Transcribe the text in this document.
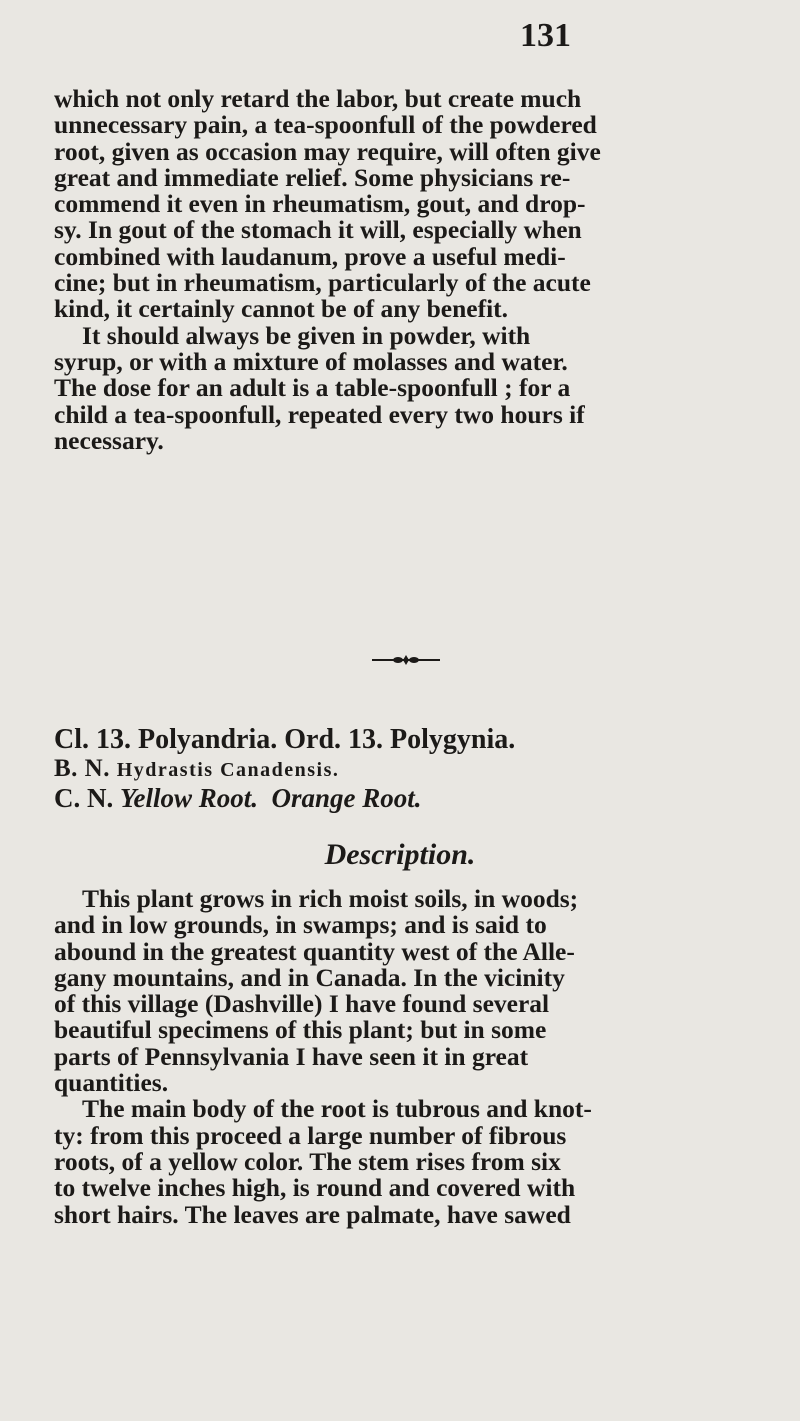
131
which not only retard the labor, but create much
unnecessary pain, a tea-spoonfull of the powdered
root, given as occasion may require, will often give
great and immediate relief. Some physicians re-
commend it even in rheumatism, gout, and drop-
sy. In gout of the stomach it will, especially when
combined with laudanum, prove a useful medi-
cine; but in rheumatism, particularly of the acute
kind, it certainly cannot be of any benefit.
It should always be given in powder, with
syrup, or with a mixture of molasses and water.
The dose for an adult is a table-spoonfull ; for a
child a tea-spoonfull, repeated every two hours if
necessary.
Cl. 13. Polyandria. Ord. 13. Polygynia.
B. N. Hydrastis Canadensis.
C. N. Yellow Root. Orange Root.
Description.
This plant grows in rich moist soils, in woods;
and in low grounds, in swamps; and is said to
abound in the greatest quantity west of the Alle-
gany mountains, and in Canada. In the vicinity
of this village (Dashville) I have found several
beautiful specimens of this plant; but in some
parts of Pennsylvania I have seen it in great
quantities.
The main body of the root is tubrous and knot-
ty: from this proceed a large number of fibrous
roots, of a yellow color. The stem rises from six
to twelve inches high, is round and covered with
short hairs. The leaves are palmate, have sawed
